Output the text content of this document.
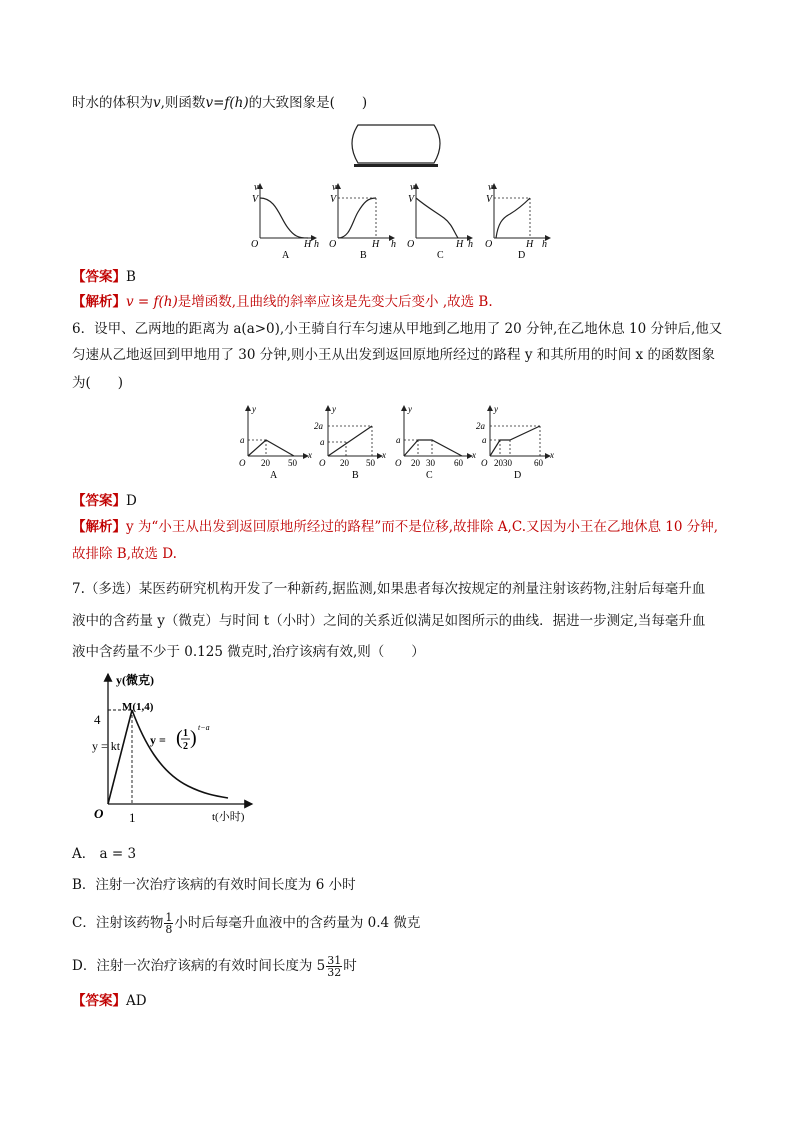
时水的体积为v,则函数v=f(h)的大致图象是(　　)
v
V
O	H h
A
v
V
O	H h
B
v
V
O	H h
C
v
V
O	H h
D
【答案】B
【解析】v = f(h)是增函数,且曲线的斜率应该是先变大后变小 ,故选 B.
6．设甲、乙两地的距离为 a(a>0),小王骑自行车匀速从甲地到乙地用了 20 分钟,在乙地休息 10 分钟后,他又
匀速从乙地返回到甲地用了 30 分钟,则小王从出发到返回原地所经过的路程 y 和其所用的时间 x 的函数图象
为(　　)
y
a
O 20 50
x
A
y
2a
a
O 20 50
x
B
y
a
O 20 30 60
x
C
y
2a
a
O 2030 60
x
D
【答案】D
【解析】y 为“小王从出发到返回原地所经过的路程”而不是位移,故排除 A,C.又因为小王在乙地休息 10 分钟,
故排除 B,故选 D.
7.（多选）某医药研究机构开发了一种新药,据监测,如果患者每次按规定的剂量注射该药物,注射后每毫升血
液中的含药量 y（微克）与时间 t（小时）之间的关系近似满足如图所示的曲线．据进一步测定,当每毫升血
液中含药量不少于 0.125 微克时,治疗该病有效,则（　　）
y(微克)
M(1,4)
4
y = kt y = ( 1
2 ) t−a
O 1	t(小时)
A． a = 3
B．注射一次治疗该病的有效时间长度为 6 小时
C．注射该药物 $\frac{1}{8}$ 小时后每毫升血液中的含药量为 0.4 微克
D．注射一次治疗该病的有效时间长度为 $5 \frac{31}{32}$ 时
【答案】AD
